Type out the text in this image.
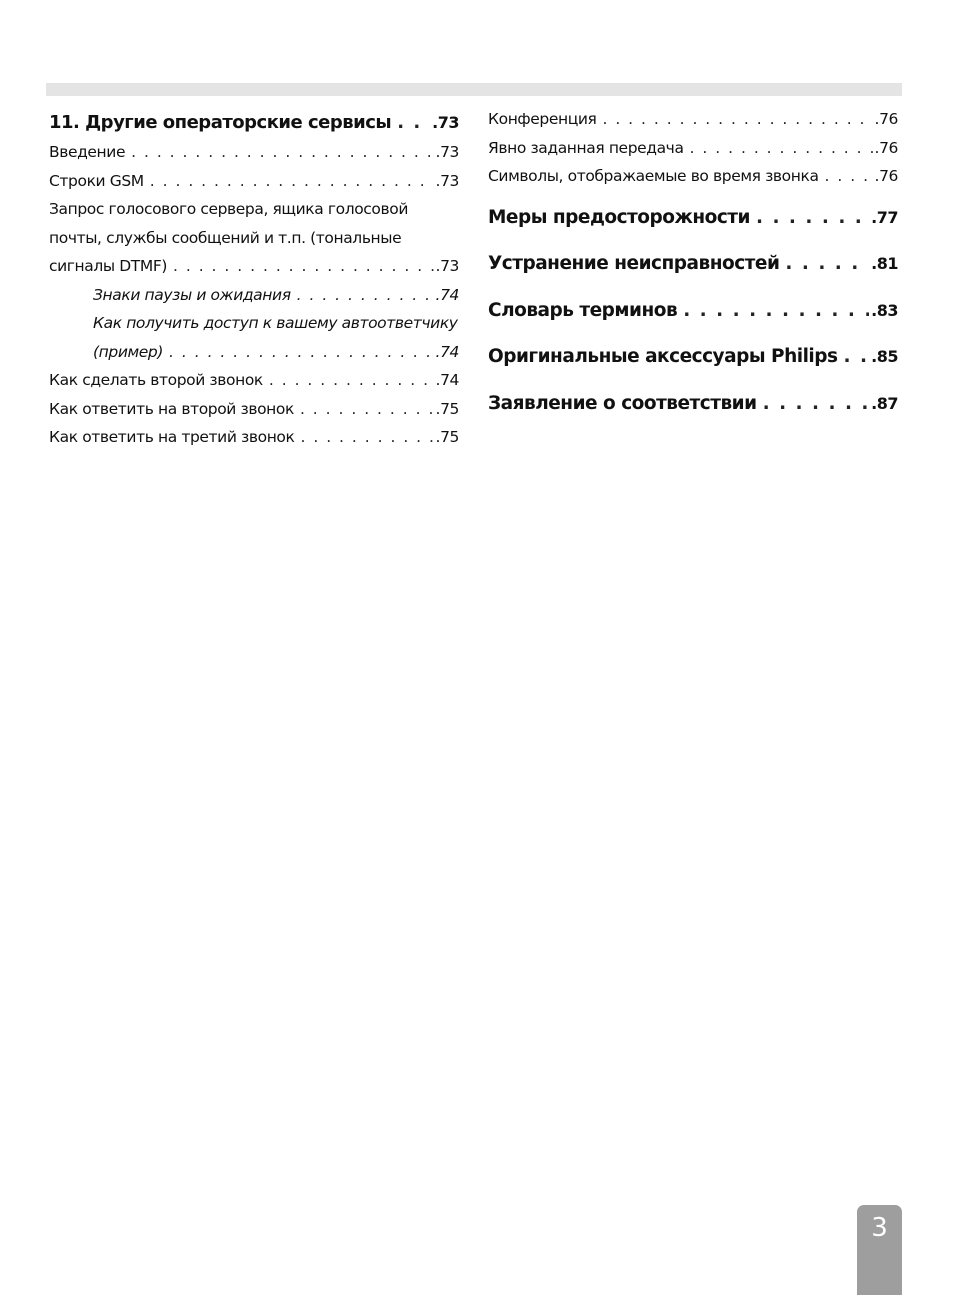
11. Другие операторские сервисы . . .	.73
Введение . . .	.73
Строки GSM . . .	.73
Запрос голосового сервера, ящика голосовой
почты, службы сообщений и т.п. (тональные
сигналы DTMF) . . .	.73
Знаки паузы и ожидания . . .	.74
Как получить доступ к вашему автоответчику
(пример) . . .	.74
Как сделать второй звонок . . .	.74
Как ответить на второй звонок . . .	.75
Как ответить на третий звонок . . .	.75
Конференция . . .	.76
Явно заданная передача . . .	.76
Символы, отображаемые во время звонка . . .	.76
Меры предосторожности . . .	.77
Устранение неисправностей . . .	.81
Словарь терминов . . .	.83
Оригинальные аксессуары Philips . . . .85
Заявление о соответствии . . .	.87
3
